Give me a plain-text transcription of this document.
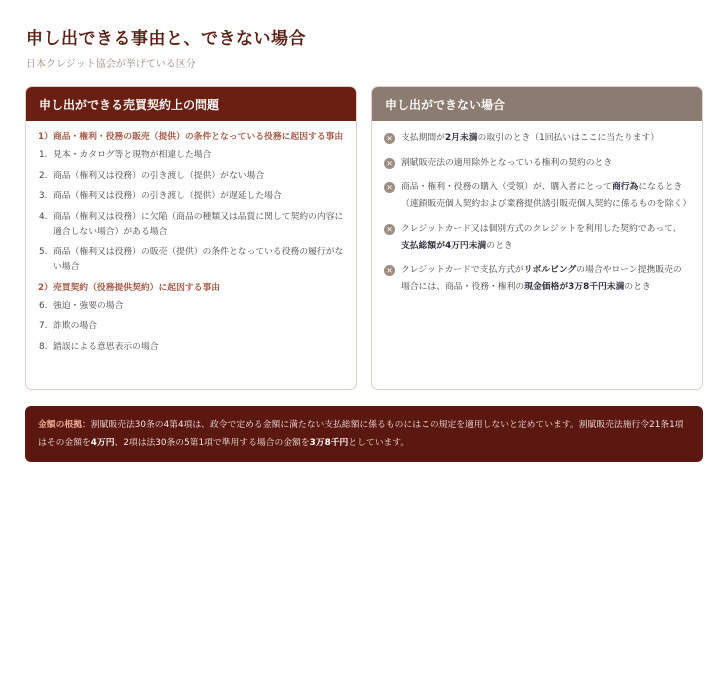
申し出できる事由と、できない場合
日本クレジット協会が挙げている区分
申し出ができる売買契約上の問題
1）商品・権利・役務の販売（提供）の条件となっている役務に起因する事由
1. 見本・カタログ等と現物が相違した場合
2. 商品（権利又は役務）の引き渡し（提供）がない場合
3. 商品（権利又は役務）の引き渡し（提供）が遅延した場合
4. 商品（権利又は役務）に欠陥（商品の種類又は品質に関して契約の内容に適合しない場合）がある場合
5. 商品（権利又は役務）の販売（提供）の条件となっている役務の履行がない場合
2）売買契約（役務提供契約）に起因する事由
6. 強迫・強要の場合
7. 詐欺の場合
8. 錯誤による意思表示の場合
申し出ができない場合
✕ 支払期間が2月未満の取引のとき（1回払いはここに当たります）
✕ 割賦販売法の適用除外となっている権利の契約のとき
✕ 商品・権利・役務の購入（受領）が、購入者にとって商行為になるとき（連鎖販売個人契約および業務提供誘引販売個人契約に係るものを除く）
✕ クレジットカード又は個別方式のクレジットを利用した契約であって、支払総額が4万円未満のとき
✕ クレジットカードで支払方式がリボルビングの場合やローン提携販売の場合には、商品・役務・権利の現金価格が3万8千円未満のとき
金額の根拠：割賦販売法30条の4第4項は、政令で定める金額に満たない支払総額に係るものにはこの規定を適用しないと定めています。割賦販売法施行令21条1項はその金額を4万円、2項は法30条の5第1項で準用する場合の金額を3万8千円としています。
